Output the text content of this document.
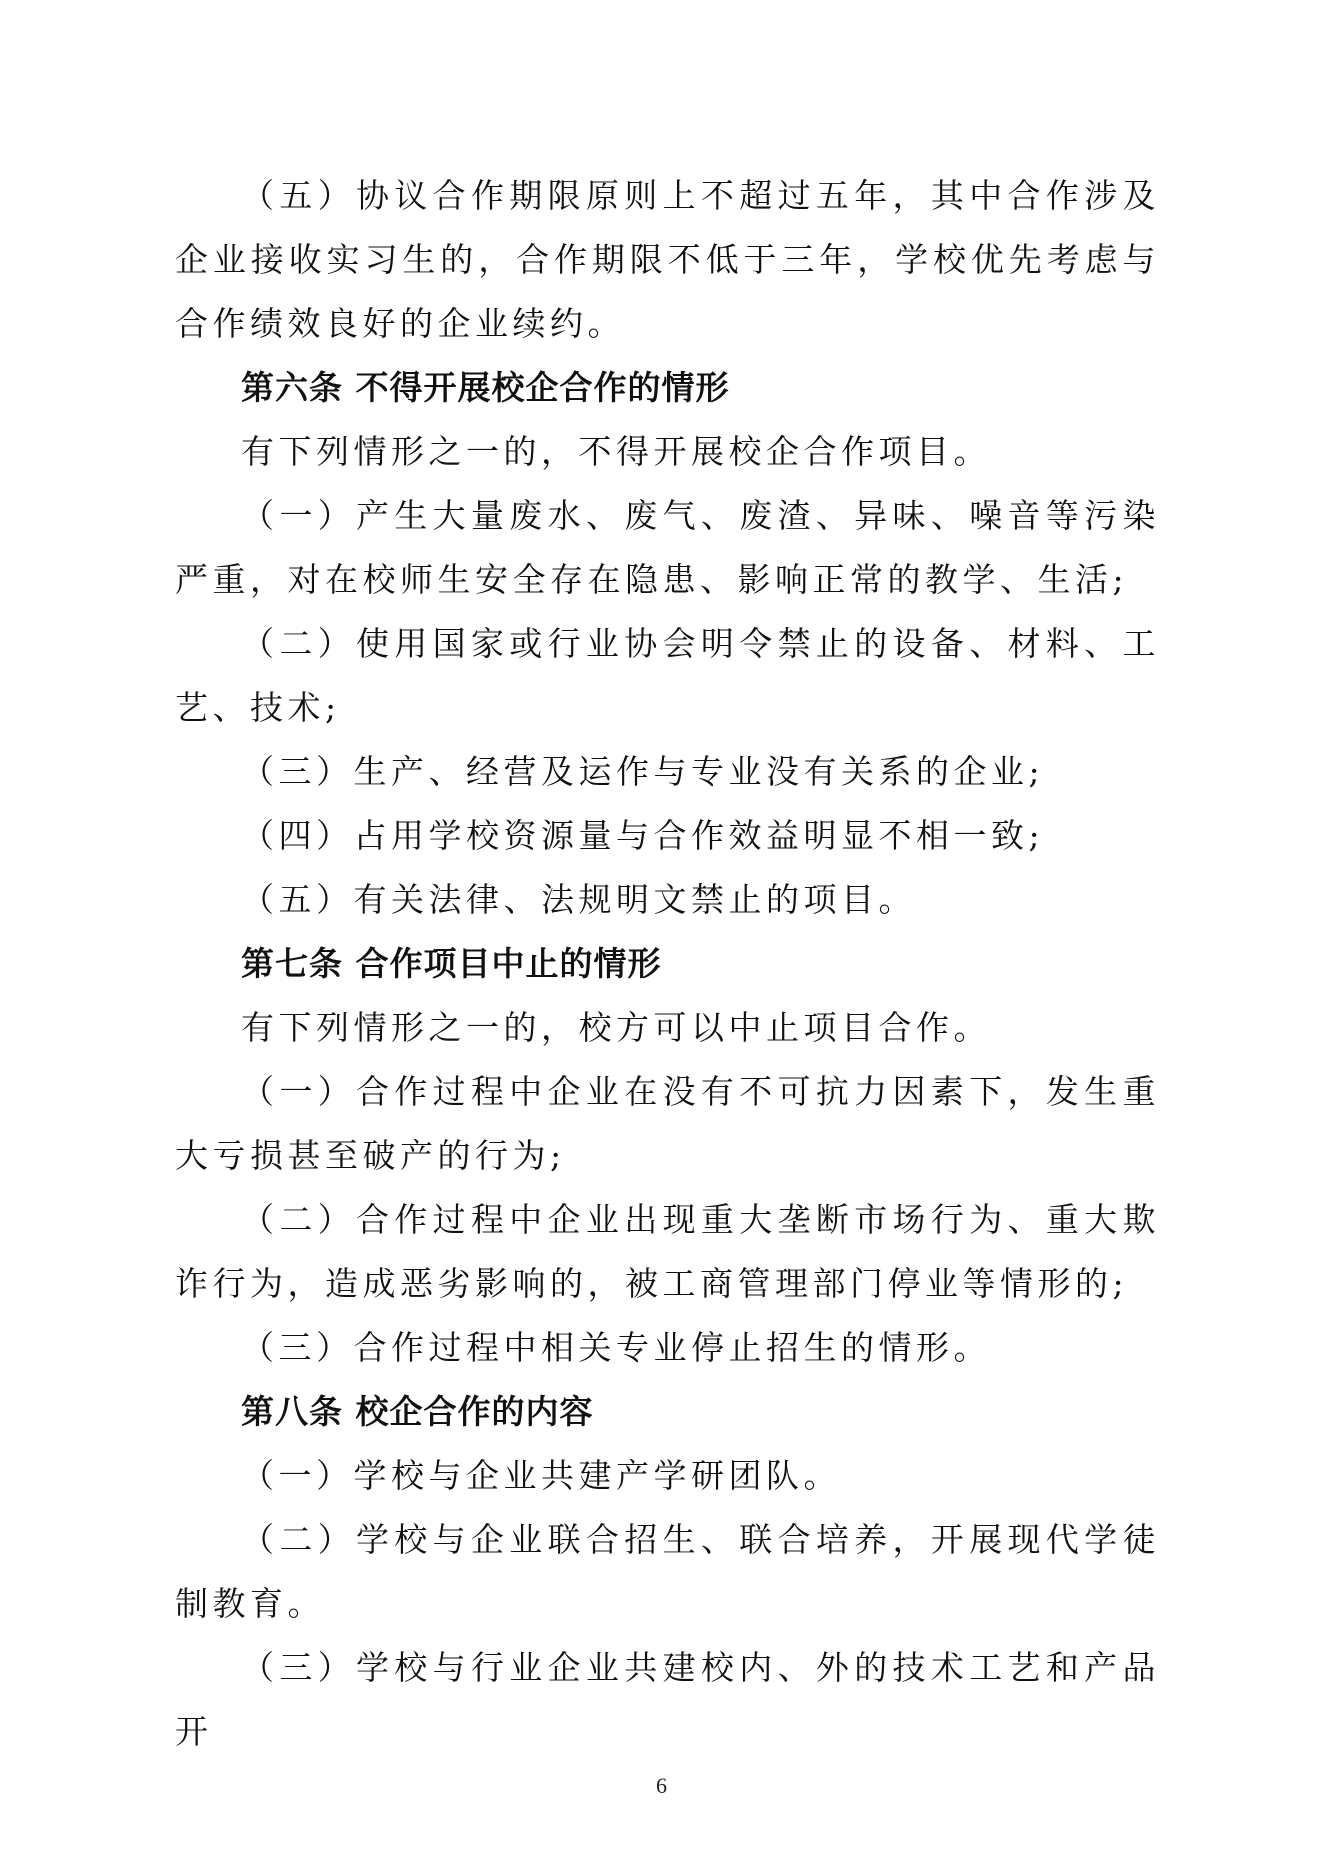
（五）协议合作期限原则上不超过五年，其中合作涉及企业接收实习生的，合作期限不低于三年，学校优先考虑与合作绩效良好的企业续约。

第六条 不得开展校企合作的情形

有下列情形之一的，不得开展校企合作项目。

（一）产生大量废水、废气、废渣、异味、噪音等污染严重，对在校师生安全存在隐患、影响正常的教学、生活;

（二）使用国家或行业协会明令禁止的设备、材料、工艺、技术;

（三）生产、经营及运作与专业没有关系的企业;

（四）占用学校资源量与合作效益明显不相一致;

（五）有关法律、法规明文禁止的项目。

第七条 合作项目中止的情形

有下列情形之一的，校方可以中止项目合作。

（一）合作过程中企业在没有不可抗力因素下，发生重大亏损甚至破产的行为;

（二）合作过程中企业出现重大垄断市场行为、重大欺诈行为，造成恶劣影响的，被工商管理部门停业等情形的;

（三）合作过程中相关专业停止招生的情形。

第八条 校企合作的内容

（一）学校与企业共建产学研团队。

（二）学校与企业联合招生、联合培养，开展现代学徒制教育。

（三）学校与行业企业共建校内、外的技术工艺和产品开

6
